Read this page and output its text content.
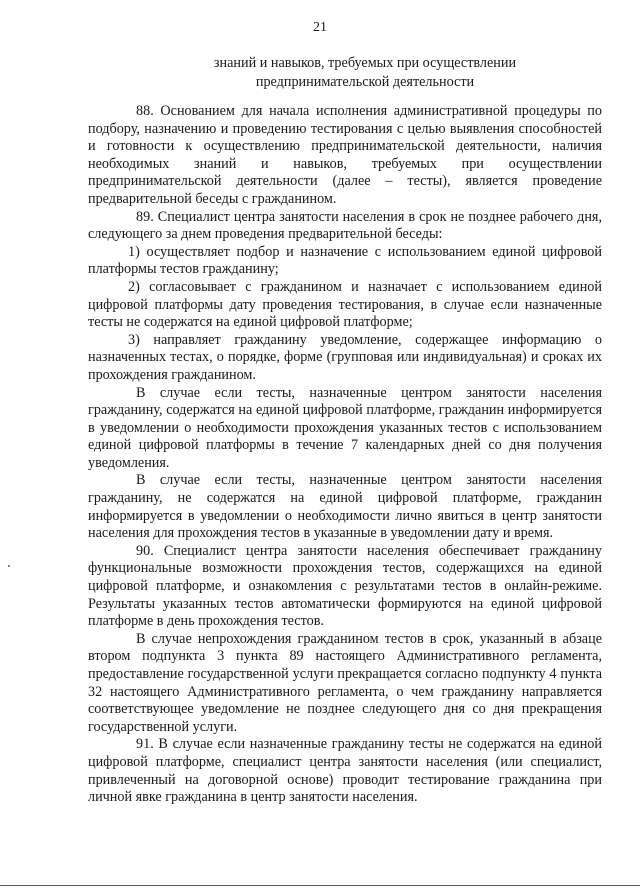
21
знаний и навыков, требуемых при осуществлении
предпринимательской деятельности

88. Основанием для начала исполнения административной процедуры по подбору, назначению и проведению тестирования с целью выявления способностей и готовности к осуществлению предпринимательской деятельности, наличия необходимых знаний и навыков, требуемых при осуществлении предпринимательской деятельности (далее – тесты), является проведение предварительной беседы с гражданином.

89. Специалист центра занятости населения в срок не позднее рабочего дня, следующего за днем проведения предварительной беседы:

1) осуществляет подбор и назначение с использованием единой цифровой платформы тестов гражданину;

2) согласовывает с гражданином и назначает с использованием единой цифровой платформы дату проведения тестирования, в случае если назначенные тесты не содержатся на единой цифровой платформе;

3) направляет гражданину уведомление, содержащее информацию о назначенных тестах, о порядке, форме (групповая или индивидуальная) и сроках их прохождения гражданином.

В случае если тесты, назначенные центром занятости населения гражданину, содержатся на единой цифровой платформе, гражданин информируется в уведомлении о необходимости прохождения указанных тестов с использованием единой цифровой платформы в течение 7 календарных дней со дня получения уведомления.

В случае если тесты, назначенные центром занятости населения гражданину, не содержатся на единой цифровой платформе, гражданин информируется в уведомлении о необходимости лично явиться в центр занятости населения для прохождения тестов в указанные в уведомлении дату и время.

90. Специалист центра занятости населения обеспечивает гражданину функциональные возможности прохождения тестов, содержащихся на единой цифровой платформе, и ознакомления с результатами тестов в онлайн-режиме. Результаты указанных тестов автоматически формируются на единой цифровой платформе в день прохождения тестов.

В случае непрохождения гражданином тестов в срок, указанный в абзаце втором подпункта 3 пункта 89 настоящего Административного регламента, предоставление государственной услуги прекращается согласно подпункту 4 пункта 32 настоящего Административного регламента, о чем гражданину направляется соответствующее уведомление не позднее следующего дня со дня прекращения государственной услуги.

91. В случае если назначенные гражданину тесты не содержатся на единой цифровой платформе, специалист центра занятости населения (или специалист, привлеченный на договорной основе) проводит тестирование гражданина при личной явке гражданина в центр занятости населения.
